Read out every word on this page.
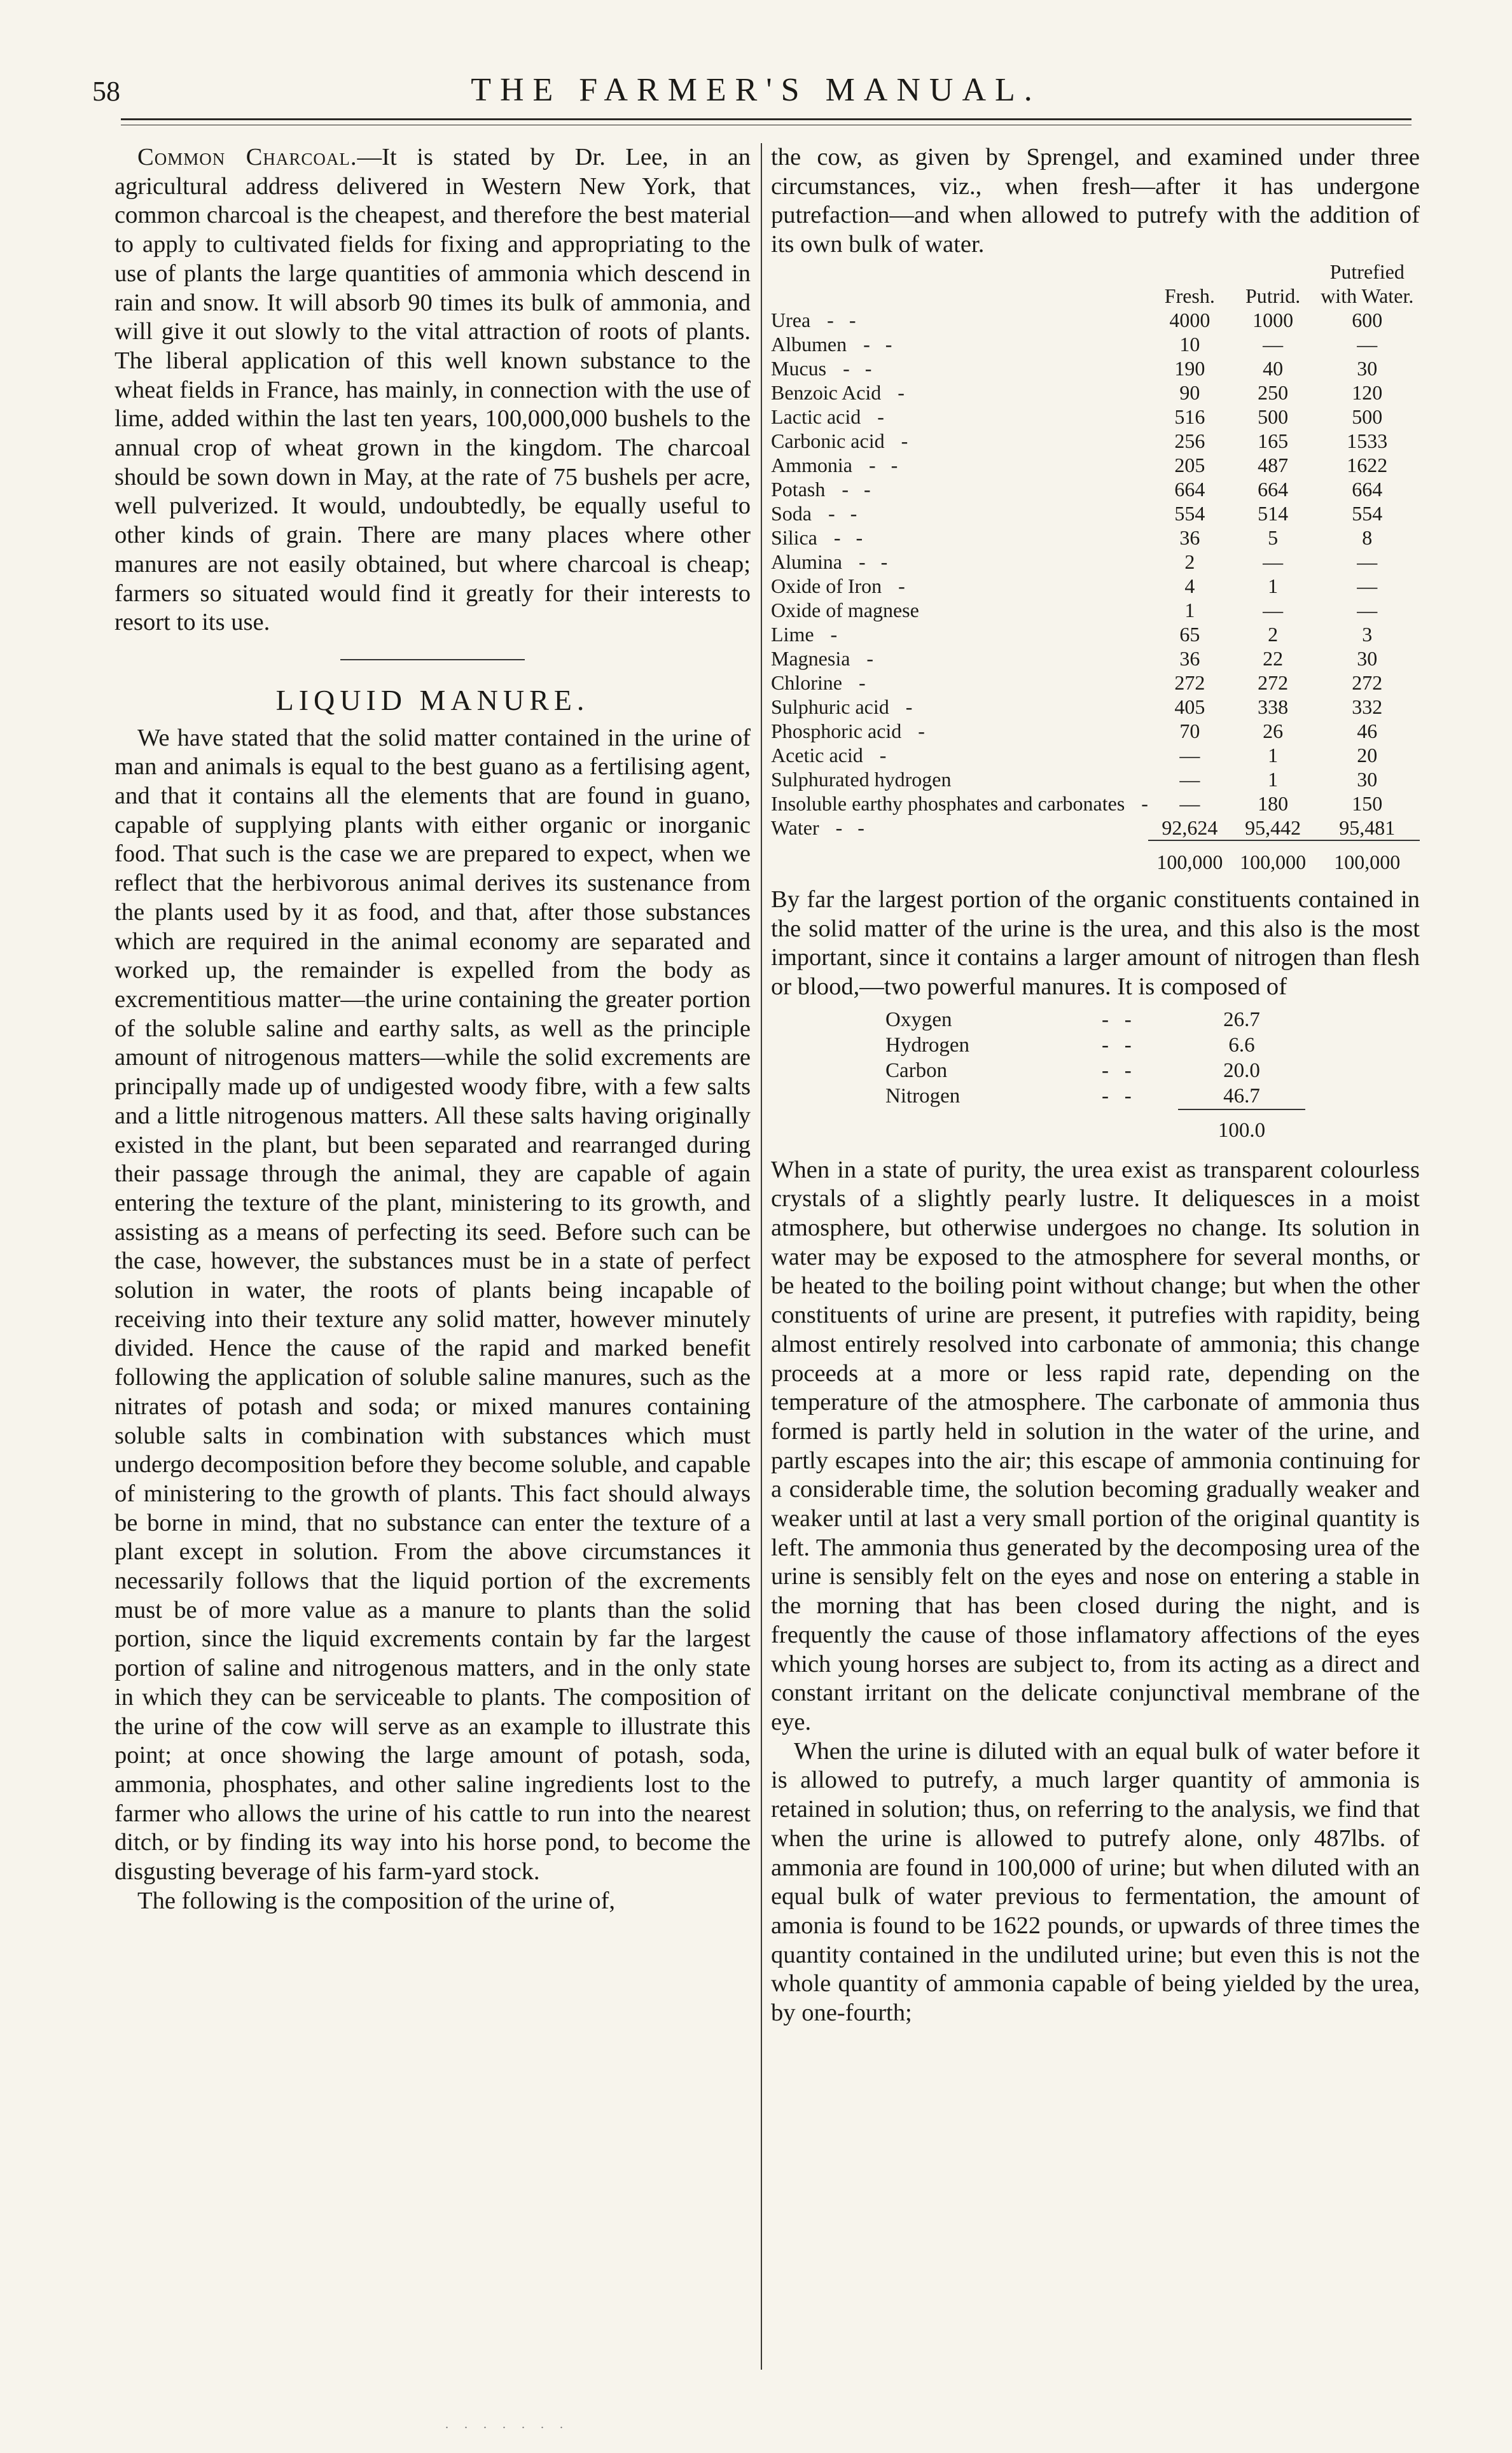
58	THE FARMER'S MANUAL.

Common Charcoal.—It is stated by Dr. Lee, in an agricultural address delivered in Western New York, that common charcoal is the cheapest, and therefore the best material to apply to cultivated fields for fixing and appropriating to the use of plants the large quantities of ammonia which descend in rain and snow. It will absorb 90 times its bulk of ammonia, and will give it out slowly to the vital attraction of roots of plants. The liberal application of this well known substance to the wheat fields in France, has mainly, in connection with the use of lime, added within the last ten years, 100,000,000 bushels to the annual crop of wheat grown in the kingdom. The charcoal should be sown down in May, at the rate of 75 bushels per acre, well pulverized. It would, undoubtedly, be equally useful to other kinds of grain. There are many places where other manures are not easily obtained, but where charcoal is cheap; farmers so situated would find it greatly for their interests to resort to its use.

LIQUID MANURE.

We have stated that the solid matter contained in the urine of man and animals is equal to the best guano as a fertilising agent, and that it contains all the elements that are found in guano, capable of supplying plants with either organic or inorganic food. That such is the case we are prepared to expect, when we reflect that the herbivorous animal derives its sustenance from the plants used by it as food, and that, after those substances which are required in the animal economy are separated and worked up, the remainder is expelled from the body as excrementitious matter—the urine containing the greater portion of the soluble saline and earthy salts, as well as the principle amount of nitrogenous matters—while the solid excrements are principally made up of undigested woody fibre, with a few salts and a little nitrogenous matters. All these salts having originally existed in the plant, but been separated and rearranged during their passage through the animal, they are capable of again entering the texture of the plant, ministering to its growth, and assisting as a means of perfecting its seed. Before such can be the case, however, the substances must be in a state of perfect solution in water, the roots of plants being incapable of receiving into their texture any solid matter, however minutely divided. Hence the cause of the rapid and marked benefit following the application of soluble saline manures, such as the nitrates of potash and soda; or mixed manures containing soluble salts in combination with substances which must undergo decomposition before they become soluble, and capable of ministering to the growth of plants. This fact should always be borne in mind, that no substance can enter the texture of a plant except in solution. From the above circumstances it necessarily follows that the liquid portion of the excrements must be of more value as a manure to plants than the solid portion, since the liquid excrements contain by far the largest portion of saline and nitrogenous matters, and in the only state in which they can be serviceable to plants. The composition of the urine of the cow will serve as an example to illustrate this point; at once showing the large amount of potash, soda, ammonia, phosphates, and other saline ingredients lost to the farmer who allows the urine of his cattle to run into the nearest ditch, or by finding its way into his horse pond, to become the disgusting beverage of his farm-yard stock.

The following is the composition of the urine of,

the cow, as given by Sprengel, and examined under three circumstances, viz., when fresh—after it has undergone putrefaction—and when allowed to putrefy with the addition of its own bulk of water.

	Fresh.	Putrid.	Putrefied with Water.
Urea -   -	4000	1000	600
Albumen -   -	10	—	—
Mucus -   -	190	40	30
Benzoic Acid -	90	250	120
Lactic acid -	516	500	500
Carbonic acid -	256	165	1533
Ammonia -   -	205	487	1622
Potash -   -	664	664	664
Soda -   -	554	514	554
Silica -   -	36	5	8
Alumina -   -	2	—	—
Oxide of Iron -	4	1	—
Oxide of magnese	1	—	—
Lime -	65	2	3
Magnesia -	36	22	30
Chlorine -	272	272	272
Sulphuric acid -	405	338	332
Phosphoric acid -	70	26	46
Acetic acid -	—	1	20
Sulphurated hydrogen	—	1	30
Insoluble earthy phosphates and carbonates -	—	180	150
Water -   -	92,624	95,442	95,481
	100,000	100,000	100,000

By far the largest portion of the organic constituents contained in the solid matter of the urine is the urea, and this also is the most important, since it contains a larger amount of nitrogen than flesh or blood,—two powerful manures. It is composed of

Oxygen	-   -	26.7
Hydrogen	-   -	6.6
Carbon	-   -	20.0
Nitrogen	-   -	46.7
		100.0

When in a state of purity, the urea exist as transparent colourless crystals of a slightly pearly lustre. It deliquesces in a moist atmosphere, but otherwise undergoes no change. Its solution in water may be exposed to the atmosphere for several months, or be heated to the boiling point without change; but when the other constituents of urine are present, it putrefies with rapidity, being almost entirely resolved into carbonate of ammonia; this change proceeds at a more or less rapid rate, depending on the temperature of the atmosphere. The carbonate of ammonia thus formed is partly held in solution in the water of the urine, and partly escapes into the air; this escape of ammonia continuing for a considerable time, the solution becoming gradually weaker and weaker until at last a very small portion of the original quantity is left. The ammonia thus generated by the decomposing urea of the urine is sensibly felt on the eyes and nose on entering a stable in the morning that has been closed during the night, and is frequently the cause of those inflamatory affections of the eyes which young horses are subject to, from its acting as a direct and constant irritant on the delicate conjunctival membrane of the eye.

When the urine is diluted with an equal bulk of water before it is allowed to putrefy, a much larger quantity of ammonia is retained in solution; thus, on referring to the analysis, we find that when the urine is allowed to putrefy alone, only 487lbs. of ammonia are found in 100,000 of urine; but when diluted with an equal bulk of water previous to fermentation, the amount of amonia is found to be 1622 pounds, or upwards of three times the quantity contained in the undiluted urine; but even this is not the whole quantity of ammonia capable of being yielded by the urea, by one-fourth;

. . . . . . .
